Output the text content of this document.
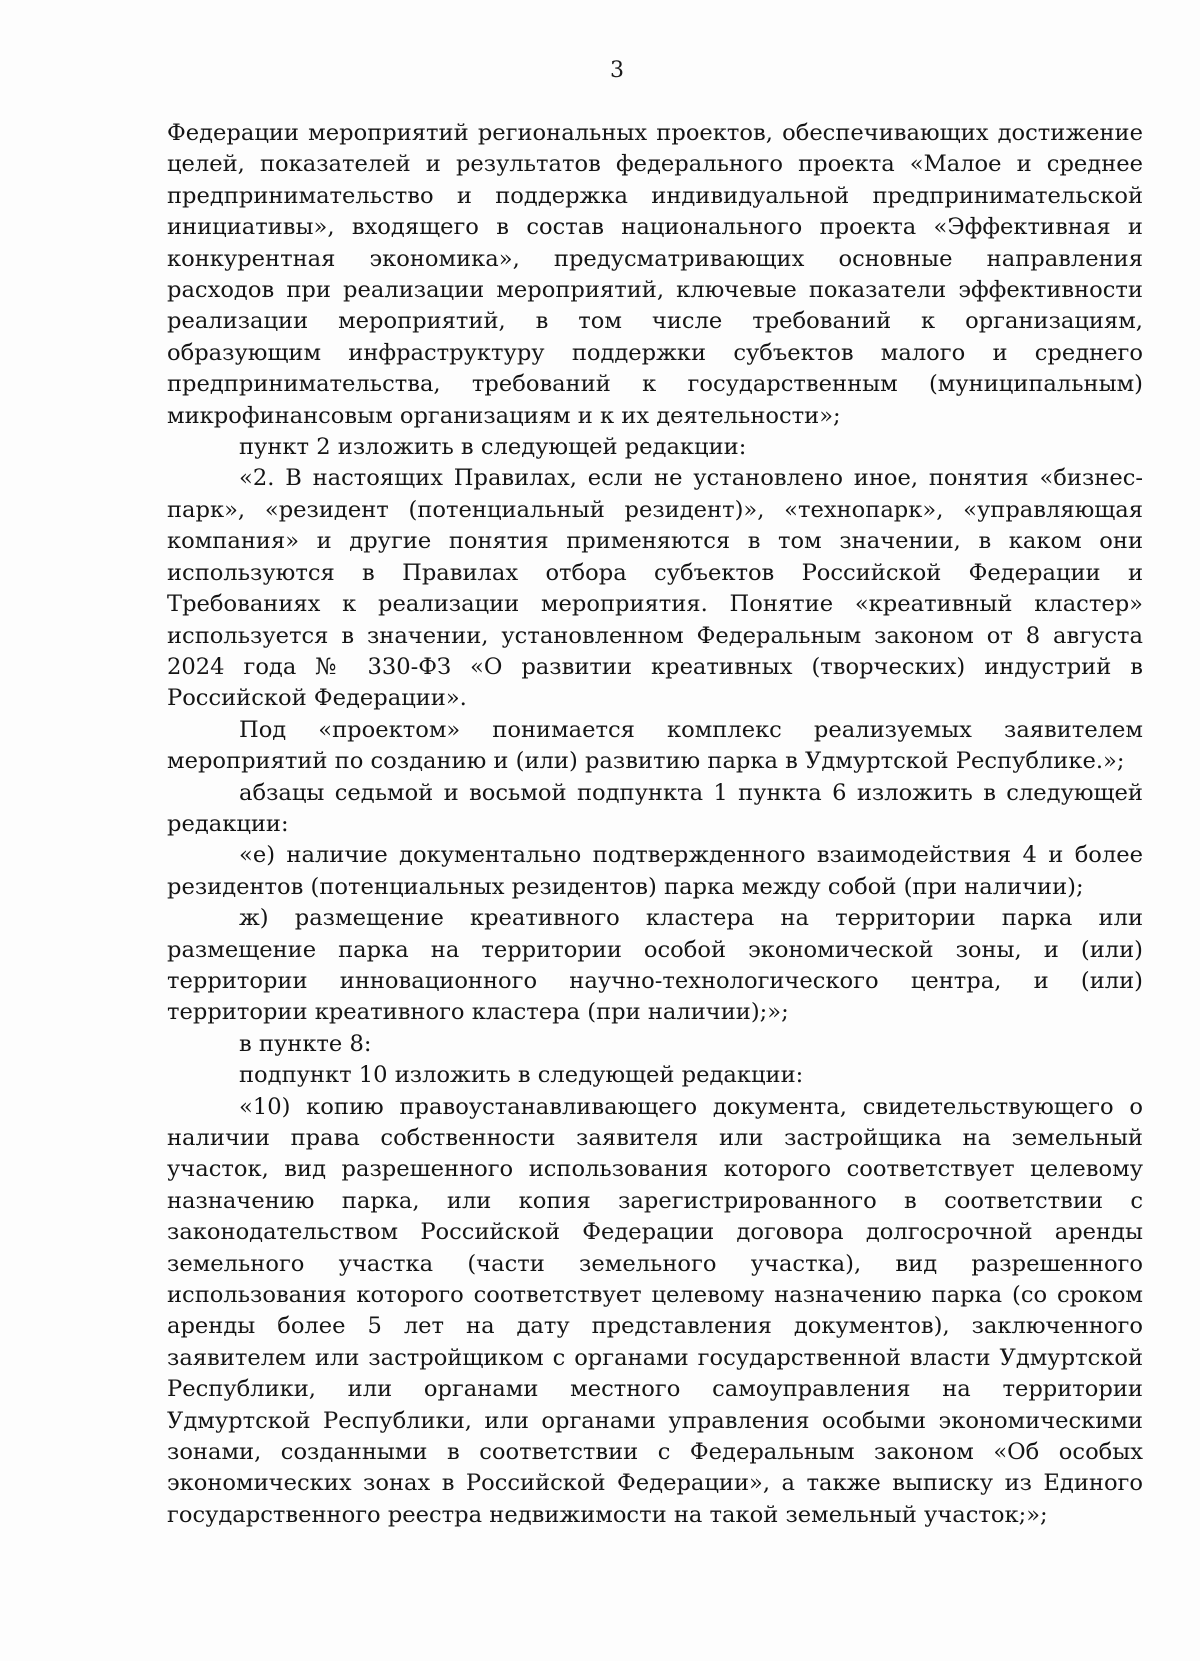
3

Федерации мероприятий региональных проектов, обеспечивающих достижение целей, показателей и результатов федерального проекта «Малое и среднее предпринимательство и поддержка индивидуальной предпринимательской инициативы», входящего в состав национального проекта «Эффективная и конкурентная экономика», предусматривающих основные направления расходов при реализации мероприятий, ключевые показатели эффективности реализации мероприятий, в том числе требований к организациям, образующим инфраструктуру поддержки субъектов малого и среднего предпринимательства, требований к государственным (муниципальным) микрофинансовым организациям и к их деятельности»;

пункт 2 изложить в следующей редакции:

«2. В настоящих Правилах, если не установлено иное, понятия «бизнес-парк», «резидент (потенциальный резидент)», «технопарк», «управляющая компания» и другие понятия применяются в том значении, в каком они используются в Правилах отбора субъектов Российской Федерации и Требованиях к реализации мероприятия. Понятие «креативный кластер» используется в значении, установленном Федеральным законом от 8 августа 2024 года № 330-ФЗ «О развитии креативных (творческих) индустрий в Российской Федерации».

Под «проектом» понимается комплекс реализуемых заявителем мероприятий по созданию и (или) развитию парка в Удмуртской Республике.»;

абзацы седьмой и восьмой подпункта 1 пункта 6 изложить в следующей редакции:

«е) наличие документально подтвержденного взаимодействия 4 и более резидентов (потенциальных резидентов) парка между собой (при наличии);

ж) размещение креативного кластера на территории парка или размещение парка на территории особой экономической зоны, и (или) территории инновационного научно-технологического центра, и (или) территории креативного кластера (при наличии);»;

в пункте 8:

подпункт 10 изложить в следующей редакции:

«10) копию правоустанавливающего документа, свидетельствующего о наличии права собственности заявителя или застройщика на земельный участок, вид разрешенного использования которого соответствует целевому назначению парка, или копия зарегистрированного в соответствии с законодательством Российской Федерации договора долгосрочной аренды земельного участка (части земельного участка), вид разрешенного использования которого соответствует целевому назначению парка (со сроком аренды более 5 лет на дату представления документов), заключенного заявителем или застройщиком с органами государственной власти Удмуртской Республики, или органами местного самоуправления на территории Удмуртской Республики, или органами управления особыми экономическими зонами, созданными в соответствии с Федеральным законом «Об особых экономических зонах в Российской Федерации», а также выписку из Единого государственного реестра недвижимости на такой земельный участок;»;
